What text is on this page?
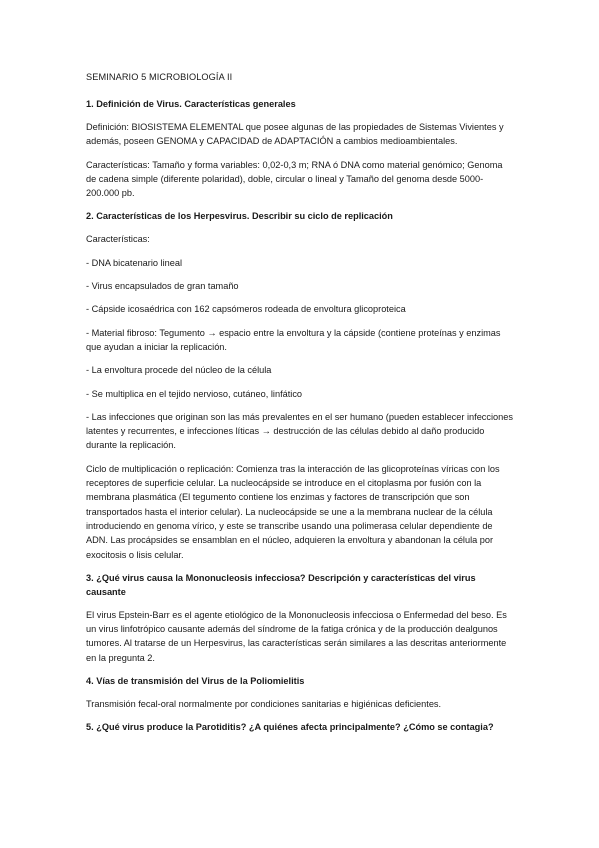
SEMINARIO 5 MICROBIOLOGÍA II
1. Definición de Virus. Características generales
Definición: BIOSISTEMA ELEMENTAL que posee algunas de las propiedades de Sistemas Vivientes y además, poseen GENOMA y CAPACIDAD de ADAPTACIÓN a cambios medioambientales.
Características: Tamaño y forma variables: 0,02-0,3 m; RNA ó DNA como material genómico; Genoma de cadena simple (diferente polaridad), doble, circular o lineal y Tamaño del genoma desde 5000-200.000 pb.
2. Características de los Herpesvirus. Describir su ciclo de replicación
Características:
- DNA bicatenario lineal
- Virus encapsulados de gran tamaño
- Cápside icosaédrica con 162 capsómeros rodeada de envoltura glicoproteica
- Material fibroso: Tegumento → espacio entre la envoltura y la cápside (contiene proteínas y enzimas que ayudan a iniciar la replicación.
- La envoltura procede del núcleo de la célula
- Se multiplica en el tejido nervioso, cutáneo, linfático
- Las infecciones que originan son las más prevalentes en el ser humano (pueden establecer infecciones latentes y recurrentes, e infecciones líticas → destrucción de las células debido al daño producido durante la replicación.
Ciclo de multiplicación o replicación: Comienza tras la interacción de las glicoproteínas víricas con los receptores de superficie celular. La nucleocápside se introduce en el citoplasma por fusión con la membrana plasmática (El tegumento contiene los enzimas y factores de transcripción que son transportados hasta el interior celular). La nucleocápside se une a la membrana nuclear de la célula introduciendo en genoma vírico, y este se transcribe usando una polimerasa celular dependiente de ADN. Las procápsides se ensamblan en el núcleo, adquieren la envoltura y abandonan la célula por exocitosis o lisis celular.
3. ¿Qué virus causa la Mononucleosis infecciosa? Descripción y características del virus causante
El virus Epstein-Barr es el agente etiológico de la Mononucleosis infecciosa o Enfermedad del beso. Es un virus linfotrópico causante además del síndrome de la fatiga crónica y de la producción dealgunos tumores. Al tratarse de un Herpesvirus, las características serán similares a las descritas anteriormente en la pregunta 2.
4. Vías de transmisión del Virus de la Poliomielitis
Transmisión fecal-oral normalmente por condiciones sanitarias e higiénicas deficientes.
5. ¿Qué virus produce la Parotiditis? ¿A quiénes afecta principalmente? ¿Cómo se contagia?
